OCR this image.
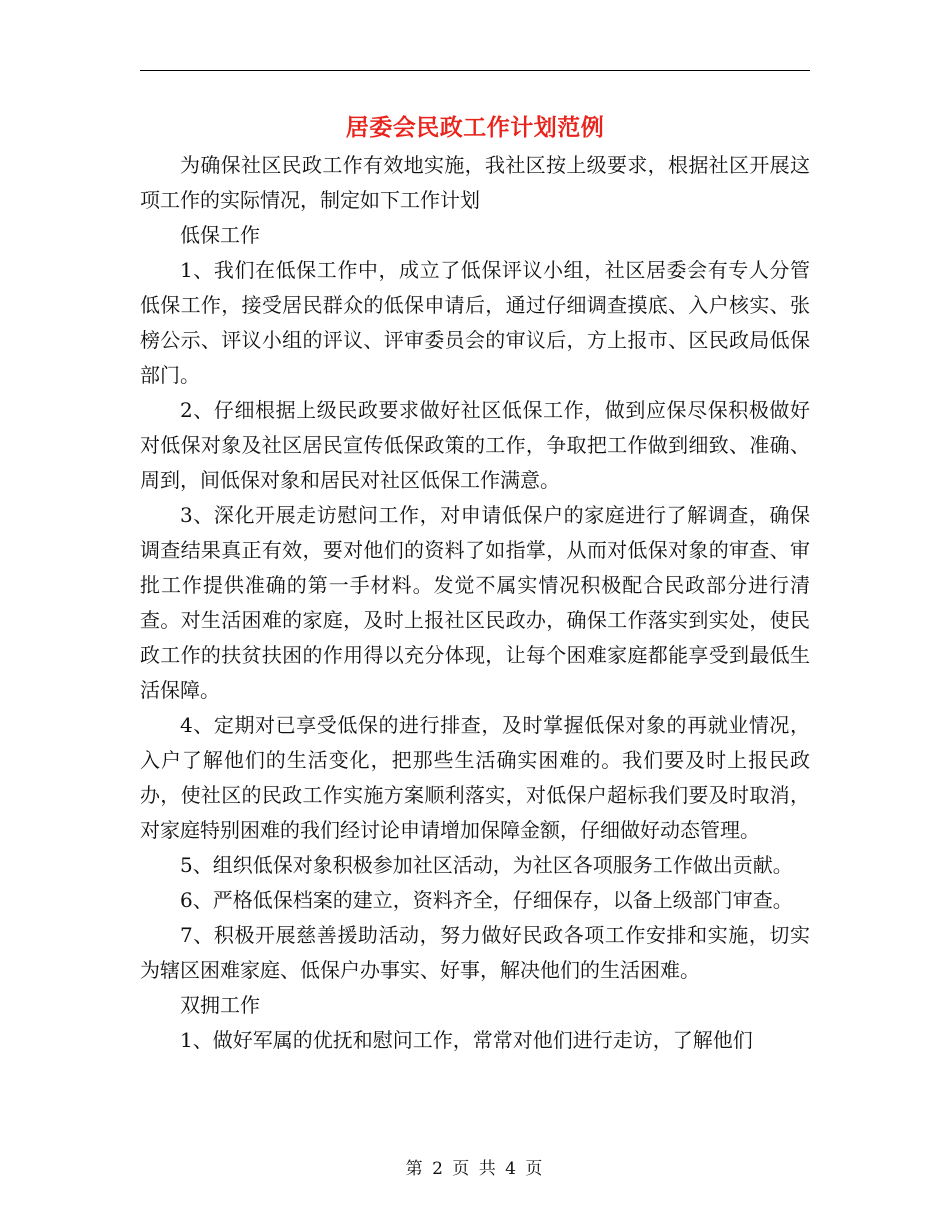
居委会民政工作计划范例

为确保社区民政工作有效地实施，我社区按上级要求，根据社区开展这项工作的实际情况，制定如下工作计划

低保工作

1、我们在低保工作中，成立了低保评议小组，社区居委会有专人分管低保工作，接受居民群众的低保申请后，通过仔细调查摸底、入户核实、张榜公示、评议小组的评议、评审委员会的审议后，方上报市、区民政局低保部门。

2、仔细根据上级民政要求做好社区低保工作，做到应保尽保积极做好对低保对象及社区居民宣传低保政策的工作，争取把工作做到细致、准确、周到，间低保对象和居民对社区低保工作满意。

3、深化开展走访慰问工作，对申请低保户的家庭进行了解调查，确保调查结果真正有效，要对他们的资料了如指掌，从而对低保对象的审查、审批工作提供准确的第一手材料。发觉不属实情况积极配合民政部分进行清查。对生活困难的家庭，及时上报社区民政办，确保工作落实到实处，使民政工作的扶贫扶困的作用得以充分体现，让每个困难家庭都能享受到最低生活保障。

4、定期对已享受低保的进行排查，及时掌握低保对象的再就业情况，入户了解他们的生活变化，把那些生活确实困难的。我们要及时上报民政办，使社区的民政工作实施方案顺利落实，对低保户超标我们要及时取消，对家庭特别困难的我们经讨论申请增加保障金额，仔细做好动态管理。

5、组织低保对象积极参加社区活动，为社区各项服务工作做出贡献。

6、严格低保档案的建立，资料齐全，仔细保存，以备上级部门审查。

7、积极开展慈善援助活动，努力做好民政各项工作安排和实施，切实为辖区困难家庭、低保户办事实、好事，解决他们的生活困难。

双拥工作

1、做好军属的优抚和慰问工作，常常对他们进行走访，了解他们

第 2 页 共 4 页
